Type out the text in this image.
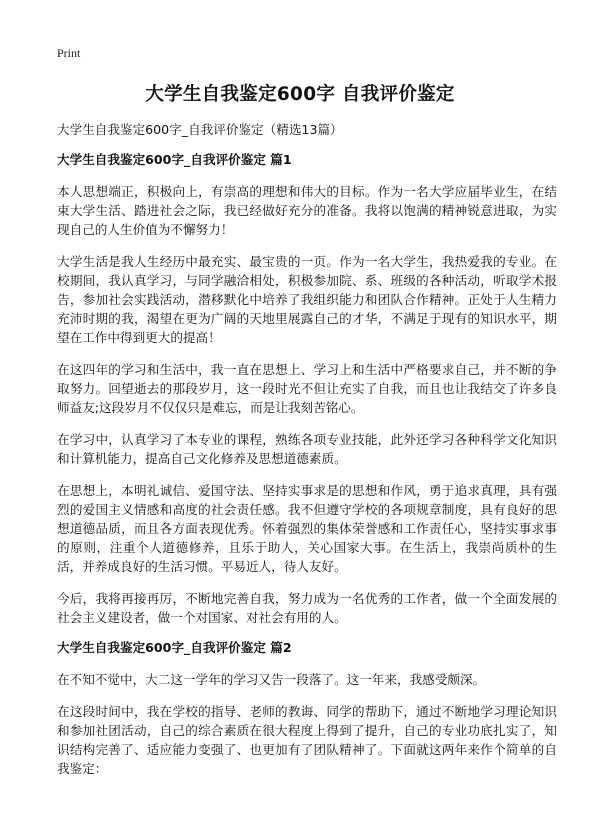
Print
大学生自我鉴定600字 自我评价鉴定

大学生自我鉴定600字_自我评价鉴定（精选13篇）

大学生自我鉴定600字_自我评价鉴定 篇1

本人思想端正，积极向上，有崇高的理想和伟大的目标。作为一名大学应届毕业生，在结束大学生活、踏进社会之际，我已经做好充分的准备。我将以饱满的精神锐意进取，为实现自己的人生价值为不懈努力！

大学生活是我人生经历中最充实、最宝贵的一页。作为一名大学生，我热爱我的专业。在校期间，我认真学习，与同学融洽相处，积极参加院、系、班级的各种活动，听取学术报告，参加社会实践活动，潜移默化中培养了我组织能力和团队合作精神。正处于人生精力充沛时期的我，渴望在更为广阔的天地里展露自己的才华，不满足于现有的知识水平，期望在工作中得到更大的提高！

在这四年的学习和生活中，我一直在思想上、学习上和生活中严格要求自己，并不断的争取努力。回望逝去的那段岁月，这一段时光不但让充实了自我，而且也让我结交了许多良师益友;这段岁月不仅仅只是难忘，而是让我刻苦铭心。

在学习中，认真学习了本专业的课程，熟练各项专业技能，此外还学习各种科学文化知识和计算机能力，提高自己文化修养及思想道德素质。

在思想上，本明礼诚信、爱国守法、坚持实事求是的思想和作风，勇于追求真理，具有强烈的爱国主义情感和高度的社会责任感。我不但遵守学校的各项规章制度，具有良好的思想道德品质，而且各方面表现优秀。怀着强烈的集体荣誉感和工作责任心，坚持实事求事的原则，注重个人道德修养，且乐于助人，关心国家大事。在生活上，我崇尚质朴的生活，并养成良好的生活习惯。平易近人，待人友好。

今后，我将再接再厉，不断地完善自我，努力成为一名优秀的工作者，做一个全面发展的社会主义建设者，做一个对国家、对社会有用的人。

大学生自我鉴定600字_自我评价鉴定 篇2

在不知不觉中，大二这一学年的学习又告一段落了。这一年来，我感受颇深。

在这段时间中，我在学校的指导、老师的教诲、同学的帮助下，通过不断地学习理论知识和参加社团活动，自己的综合素质在很大程度上得到了提升，自己的专业功底扎实了，知识结构完善了、适应能力变强了、也更加有了团队精神了。下面就这两年来作个简单的自我鉴定：
